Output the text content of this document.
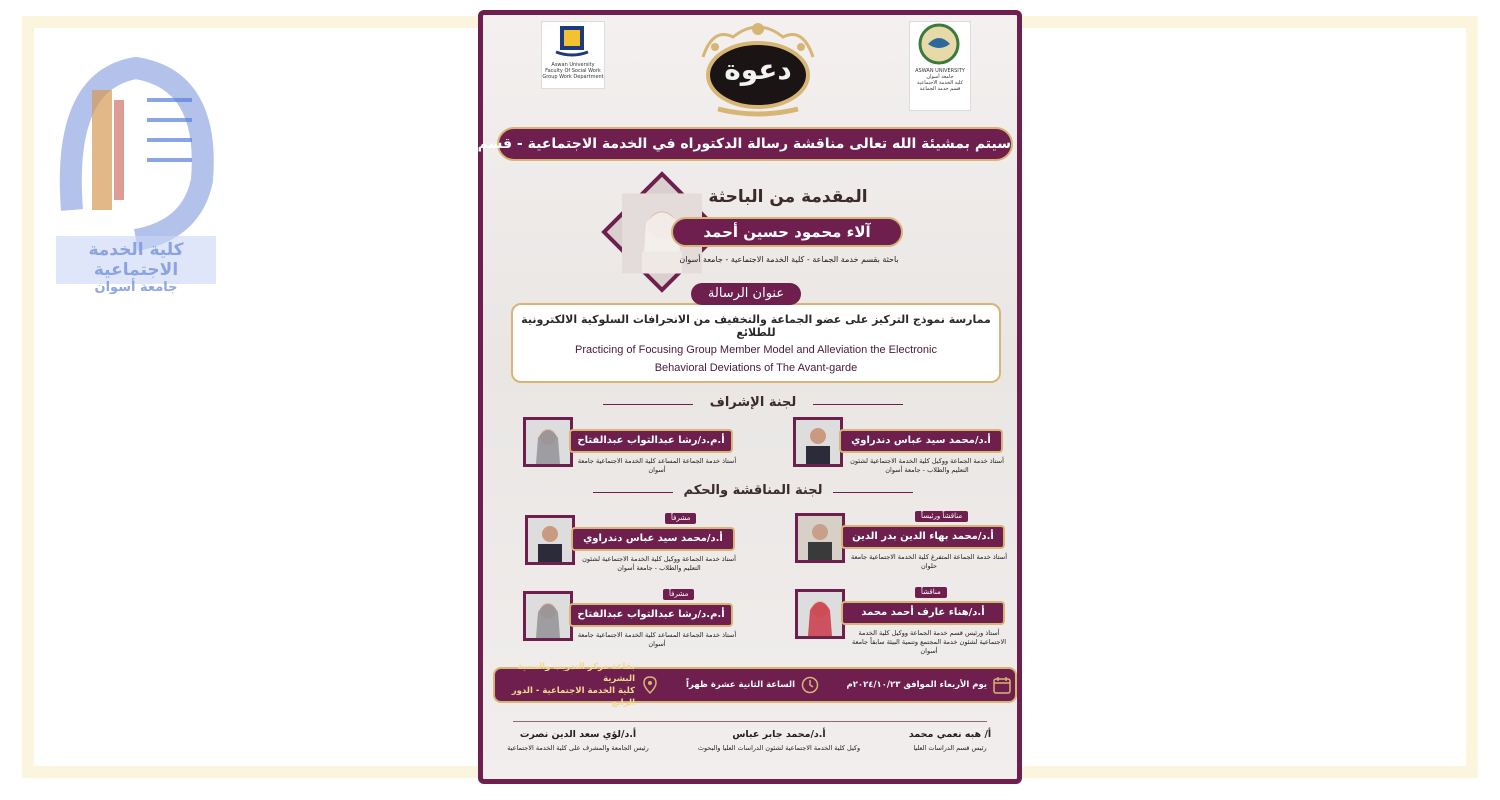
كلية الخدمة الاجتماعية
جامعة أسوان
Aswan University
Faculty Of Social Work
Group Work Department	دعوة	ASWAN UNIVERSITY
جامعة أسوان
كلية الخدمة الاجتماعية
قسم خدمة الجماعة
سيتم بمشيئة الله تعالى مناقشة رسالة الدكتوراه في الخدمة الاجتماعية - قسم خدمة الجماعة
المقدمة من الباحثة
آلاء محمود حسين أحمد
باحثة بقسم خدمة الجماعة - كلية الخدمة الاجتماعية - جامعة أسوان
ممارسة نموذج التركيز على عضو الجماعة والتخفيف من الانحرافات السلوكية الالكترونية للطلائع
Practicing of Focusing Group Member Model and Alleviation the Electronic
Behavioral Deviations of The Avant-garde
عنوان الرسالة
لجنة الإشراف
أ.د/محمد سيد عباس دندراوي
أستاذ خدمة الجماعة ووكيل كلية الخدمة الاجتماعية لشئون التعليم والطلاب - جامعة أسوان
أ.م.د/رشا عبدالتواب عبدالفتاح
أستاذ خدمة الجماعة المساعد كلية الخدمة الاجتماعية جامعة أسوان
لجنة المناقشة والحكم
مناقشاً ورئيساً
أ.د/محمد بهاء الدين بدر الدين
أستاذ خدمة الجماعة المتفرغ كلية الخدمة الاجتماعية جامعة حلوان
مشرفاً
أ.د/محمد سيد عباس دندراوي
أستاذ خدمة الجماعة ووكيل كلية الخدمة الاجتماعية لشئون التعليم والطلاب - جامعة أسوان
مناقشاً
أ.د/هناء عارف أحمد محمد
أستاذ ورئيس قسم خدمة الجماعة ووكيل كلية الخدمة الاجتماعية لشئون خدمة المجتمع وتنمية البيئة سابقاً جامعة أسوان
مشرفاً
أ.م.د/رشا عبدالتواب عبدالفتاح
أستاذ خدمة الجماعة المساعد كلية الخدمة الاجتماعية جامعة أسوان
يوم الأربعاء الموافق ٢٠٢٤/١٠/٢٣م
الساعة الثانية عشرة ظهراً
بقاعة مركز التدريب والتنمية البشرية
كلية الخدمة الاجتماعية - الدور الرابع
أ/ هبه نعمي محمد
رئيس قسم الدراسات العليا
أ.د/محمد جابر عباس
وكيل كلية الخدمة الاجتماعية لشئون الدراسات العليا والبحوث
أ.د/لؤي سعد الدين نصرت
رئيس الجامعة والمشرف على كلية الخدمة الاجتماعية
